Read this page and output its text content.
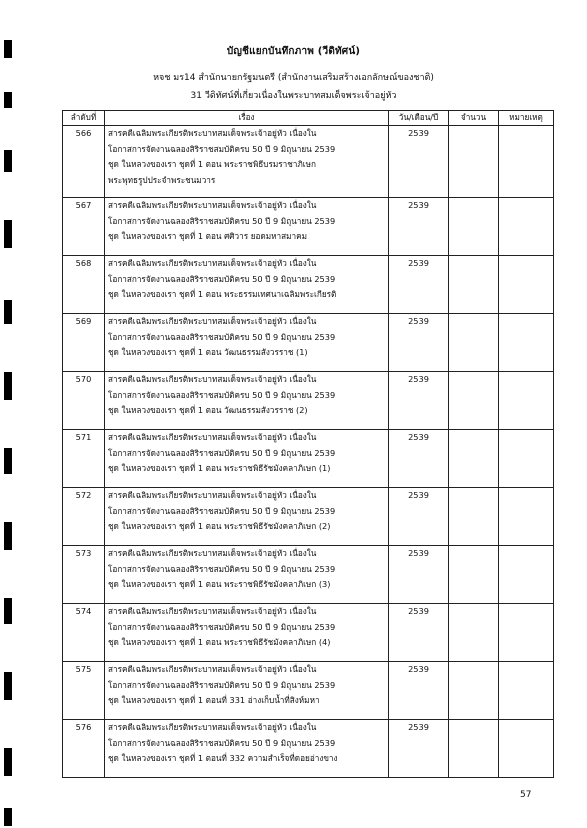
บัญชีแยกบันทึกภาพ (วีดิทัศน์)
หจช มร14 สำนักนายกรัฐมนตรี (สำนักงานเสริมสร้างเอกลักษณ์ของชาติ)
31 วีดิทัศน์ที่เกี่ยวเนื่องในพระบาทสมเด็จพระเจ้าอยู่หัว
ลำดับที่	เรื่อง	วัน/เดือน/ปี	จำนวน	หมายเหตุ
566	สารคดีเฉลิมพระเกียรติพระบาทสมเด็จพระเจ้าอยู่หัว เนื่องใน
โอกาสการจัดงานฉลองสิริราชสมบัติครบ 50 ปี 9 มิถุนายน 2539
ชุด ในหลวงของเรา ชุดที่ 1 ตอน พระราชพิธีบรมราชาภิเษก
พระพุทธรูปประจำพระชนมวาร	2539		
567	สารคดีเฉลิมพระเกียรติพระบาทสมเด็จพระเจ้าอยู่หัว เนื่องใน
โอกาสการจัดงานฉลองสิริราชสมบัติครบ 50 ปี 9 มิถุนายน 2539
ชุด ในหลวงของเรา ชุดที่ 1 ตอน ศศิวาร ยอดมหาสมาคม	2539		
568	สารคดีเฉลิมพระเกียรติพระบาทสมเด็จพระเจ้าอยู่หัว เนื่องใน
โอกาสการจัดงานฉลองสิริราชสมบัติครบ 50 ปี 9 มิถุนายน 2539
ชุด ในหลวงของเรา ชุดที่ 1 ตอน พระธรรมเทศนาเฉลิมพระเกียรติ	2539		
569	สารคดีเฉลิมพระเกียรติพระบาทสมเด็จพระเจ้าอยู่หัว เนื่องใน
โอกาสการจัดงานฉลองสิริราชสมบัติครบ 50 ปี 9 มิถุนายน 2539
ชุด ในหลวงของเรา ชุดที่ 1 ตอน วัฒนธรรมสังวรราช (1)	2539		
570	สารคดีเฉลิมพระเกียรติพระบาทสมเด็จพระเจ้าอยู่หัว เนื่องใน
โอกาสการจัดงานฉลองสิริราชสมบัติครบ 50 ปี 9 มิถุนายน 2539
ชุด ในหลวงของเรา ชุดที่ 1 ตอน วัฒนธรรมสังวรราช (2)	2539		
571	สารคดีเฉลิมพระเกียรติพระบาทสมเด็จพระเจ้าอยู่หัว เนื่องใน
โอกาสการจัดงานฉลองสิริราชสมบัติครบ 50 ปี 9 มิถุนายน 2539
ชุด ในหลวงของเรา ชุดที่ 1 ตอน พระราชพิธีรัชมังคลาภิเษก (1)	2539		
572	สารคดีเฉลิมพระเกียรติพระบาทสมเด็จพระเจ้าอยู่หัว เนื่องใน
โอกาสการจัดงานฉลองสิริราชสมบัติครบ 50 ปี 9 มิถุนายน 2539
ชุด ในหลวงของเรา ชุดที่ 1 ตอน พระราชพิธีรัชมังคลาภิเษก (2)	2539		
573	สารคดีเฉลิมพระเกียรติพระบาทสมเด็จพระเจ้าอยู่หัว เนื่องใน
โอกาสการจัดงานฉลองสิริราชสมบัติครบ 50 ปี 9 มิถุนายน 2539
ชุด ในหลวงของเรา ชุดที่ 1 ตอน พระราชพิธีรัชมังคลาภิเษก (3)	2539		
574	สารคดีเฉลิมพระเกียรติพระบาทสมเด็จพระเจ้าอยู่หัว เนื่องใน
โอกาสการจัดงานฉลองสิริราชสมบัติครบ 50 ปี 9 มิถุนายน 2539
ชุด ในหลวงของเรา ชุดที่ 1 ตอน พระราชพิธีรัชมังคลาภิเษก (4)	2539		
575	สารคดีเฉลิมพระเกียรติพระบาทสมเด็จพระเจ้าอยู่หัว เนื่องใน
โอกาสการจัดงานฉลองสิริราชสมบัติครบ 50 ปี 9 มิถุนายน 2539
ชุด ในหลวงของเรา ชุดที่ 1 ตอนที่ 331 อ่างเก็บน้ำที่สิงห์มหา	2539		
576	สารคดีเฉลิมพระเกียรติพระบาทสมเด็จพระเจ้าอยู่หัว เนื่องใน
โอกาสการจัดงานฉลองสิริราชสมบัติครบ 50 ปี 9 มิถุนายน 2539
ชุด ในหลวงของเรา ชุดที่ 1 ตอนที่ 332 ความสำเร็จที่ดอยอ่างขาง	2539		
57
